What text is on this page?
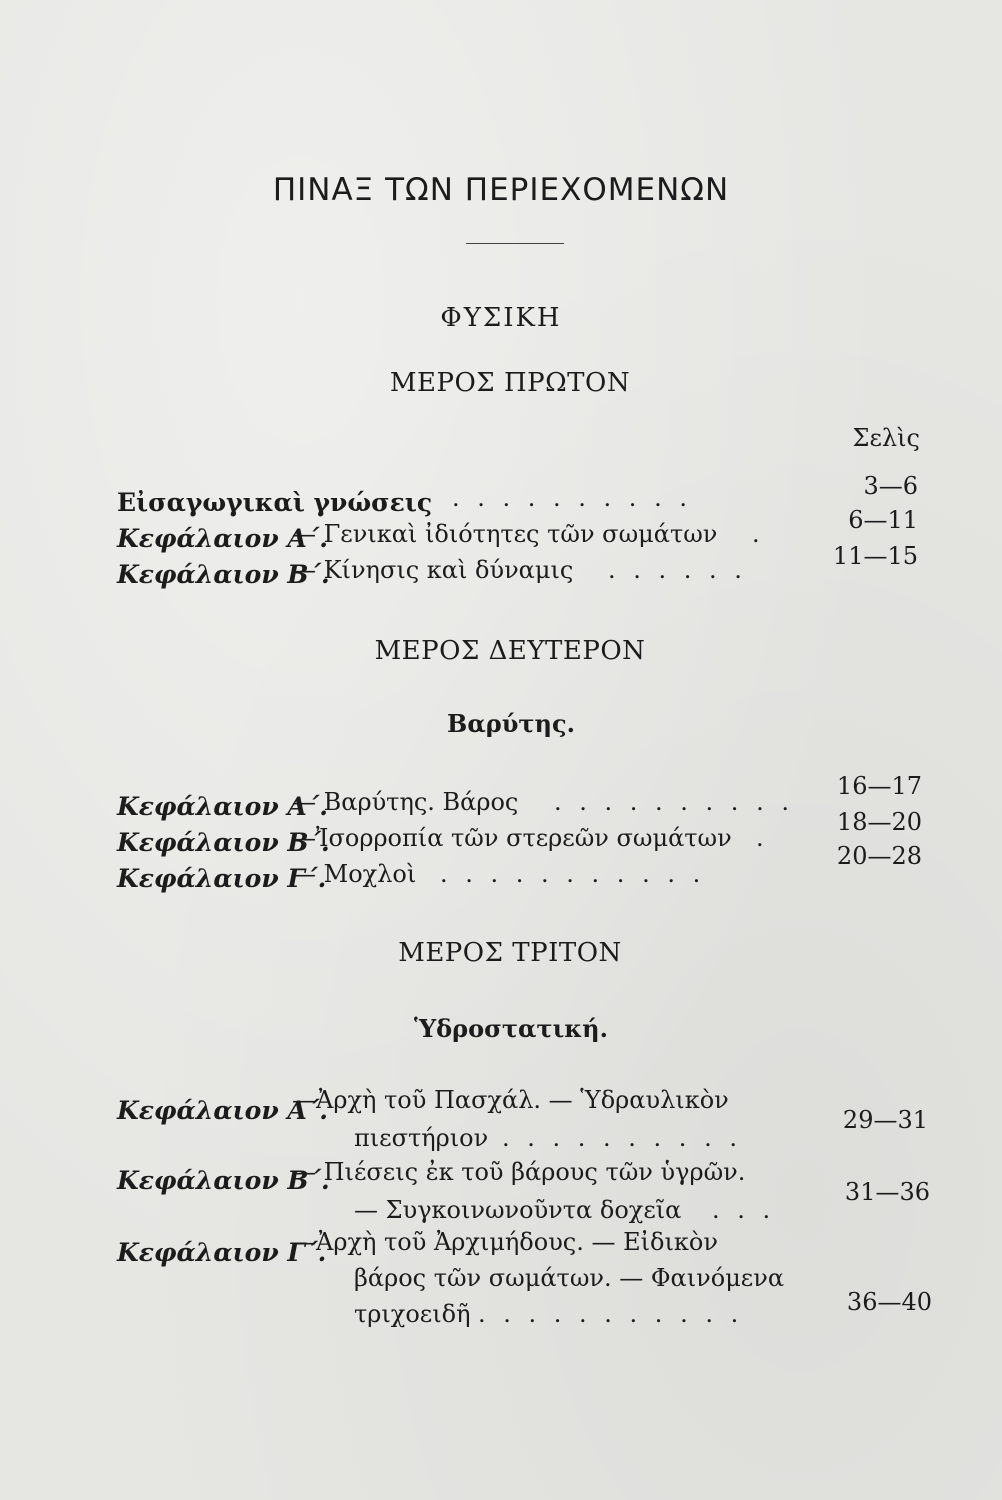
ΠΙΝΑΞ ΤΩΝ ΠΕΡΙΕΧΟΜΕΝΩΝ
ΦΥΣΙΚΗ
ΜΕΡΟΣ ΠΡΩΤΟΝ
Σελὶς
Εἰσαγωγικαὶ γνώσεις . . . . . . . . . .	3—6
Κεφάλαιον Α΄.
— Γενικαὶ ἰδιότητες τῶν σωμάτων .	6—11
Κεφάλαιον Β΄.
— Κίνησις καὶ δύναμις . . . . . .	11—15
ΜΕΡΟΣ ΔΕΥΤΕΡΟΝ
Βαρύτης.
Κεφάλαιον Α΄.
— Βαρύτης. Βάρος . . . . . . . . . .
16—17
Κεφάλαιον Β΄.
—Ἰσορροπία τῶν στερεῶν σωμάτων .
18—20
Κεφάλαιον Γ΄.
— Μοχλοὶ . . . . . . . . . . .
20—28
ΜΕΡΟΣ ΤΡΙΤΟΝ
Ὑδροστατική.
Κεφάλαιον Α΄.
—Ἀρχὴ τοῦ Πασχάλ. — Ὑδραυλικὸν
πιεστήριον . . . . . . . . . .
29—31
Κεφάλαιον Β΄.
— Πιέσεις ἐκ τοῦ βάρους τῶν ὑγρῶν.
— Συγκοινωνοῦντα δοχεῖα . . .
31—36
Κεφάλαιον Γ΄.
—Ἀρχὴ τοῦ Ἀρχιμήδους. — Εἰδικὸν
βάρος τῶν σωμάτων. — Φαινόμενα
τριχοειδῆ . . . . . . . . . . .	36—40
